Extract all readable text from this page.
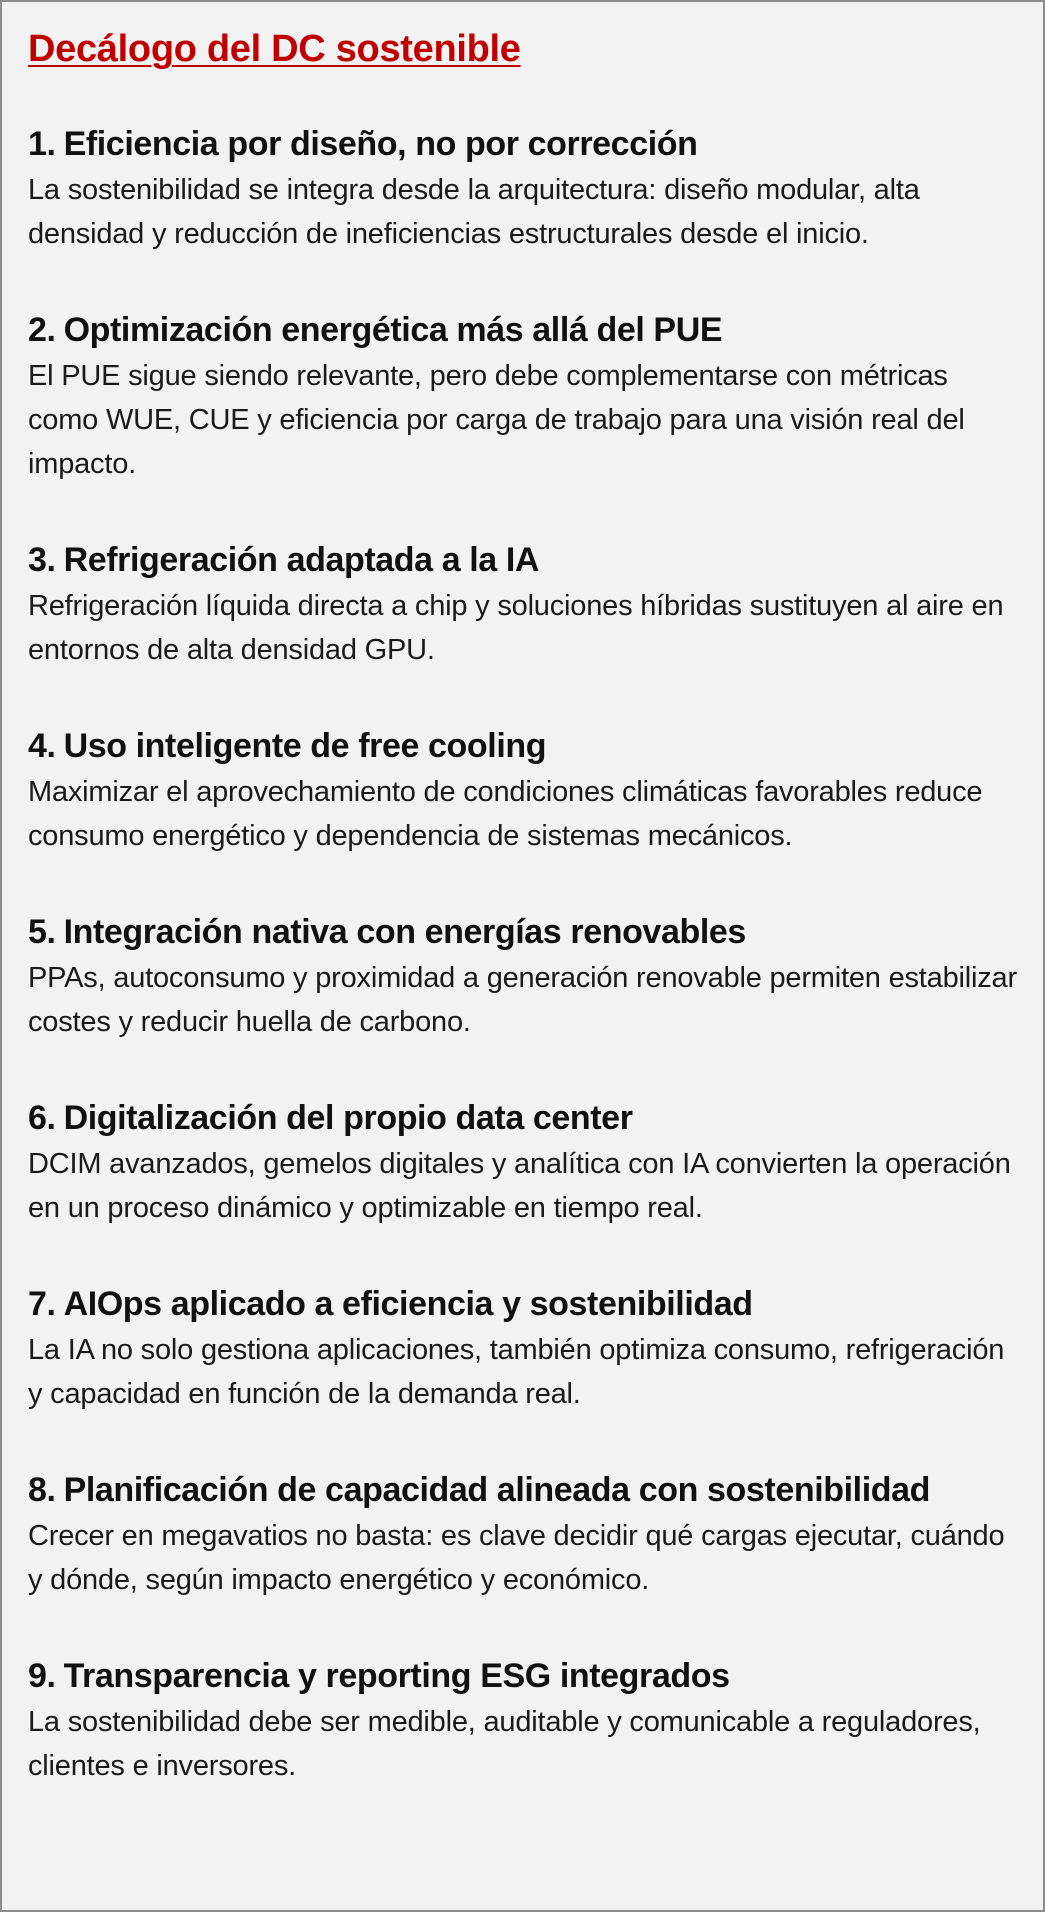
Decálogo del DC sostenible
1. Eficiencia por diseño, no por corrección

La sostenibilidad se integra desde la arquitectura: diseño modular, alta densidad y reducción de ineficiencias estructurales desde el inicio.

2. Optimización energética más allá del PUE

El PUE sigue siendo relevante, pero debe complementarse con métricas como WUE, CUE y eficiencia por carga de trabajo para una visión real del impacto.

3. Refrigeración adaptada a la IA

Refrigeración líquida directa a chip y soluciones híbridas sustituyen al aire en entornos de alta densidad GPU.

4. Uso inteligente de free cooling

Maximizar el aprovechamiento de condiciones climáticas favorables reduce consumo energético y dependencia de sistemas mecánicos.

5. Integración nativa con energías renovables

PPAs, autoconsumo y proximidad a generación renovable permiten estabilizar costes y reducir huella de carbono.

6. Digitalización del propio data center

DCIM avanzados, gemelos digitales y analítica con IA convierten la operación en un proceso dinámico y optimizable en tiempo real.

7. AIOps aplicado a eficiencia y sostenibilidad

La IA no solo gestiona aplicaciones, también optimiza consumo, refrigeración y capacidad en función de la demanda real.

8. Planificación de capacidad alineada con sostenibilidad

Crecer en megavatios no basta: es clave decidir qué cargas ejecutar, cuándo y dónde, según impacto energético y económico.

9. Transparencia y reporting ESG integrados

La sostenibilidad debe ser medible, auditable y comunicable a reguladores, clientes e inversores.
